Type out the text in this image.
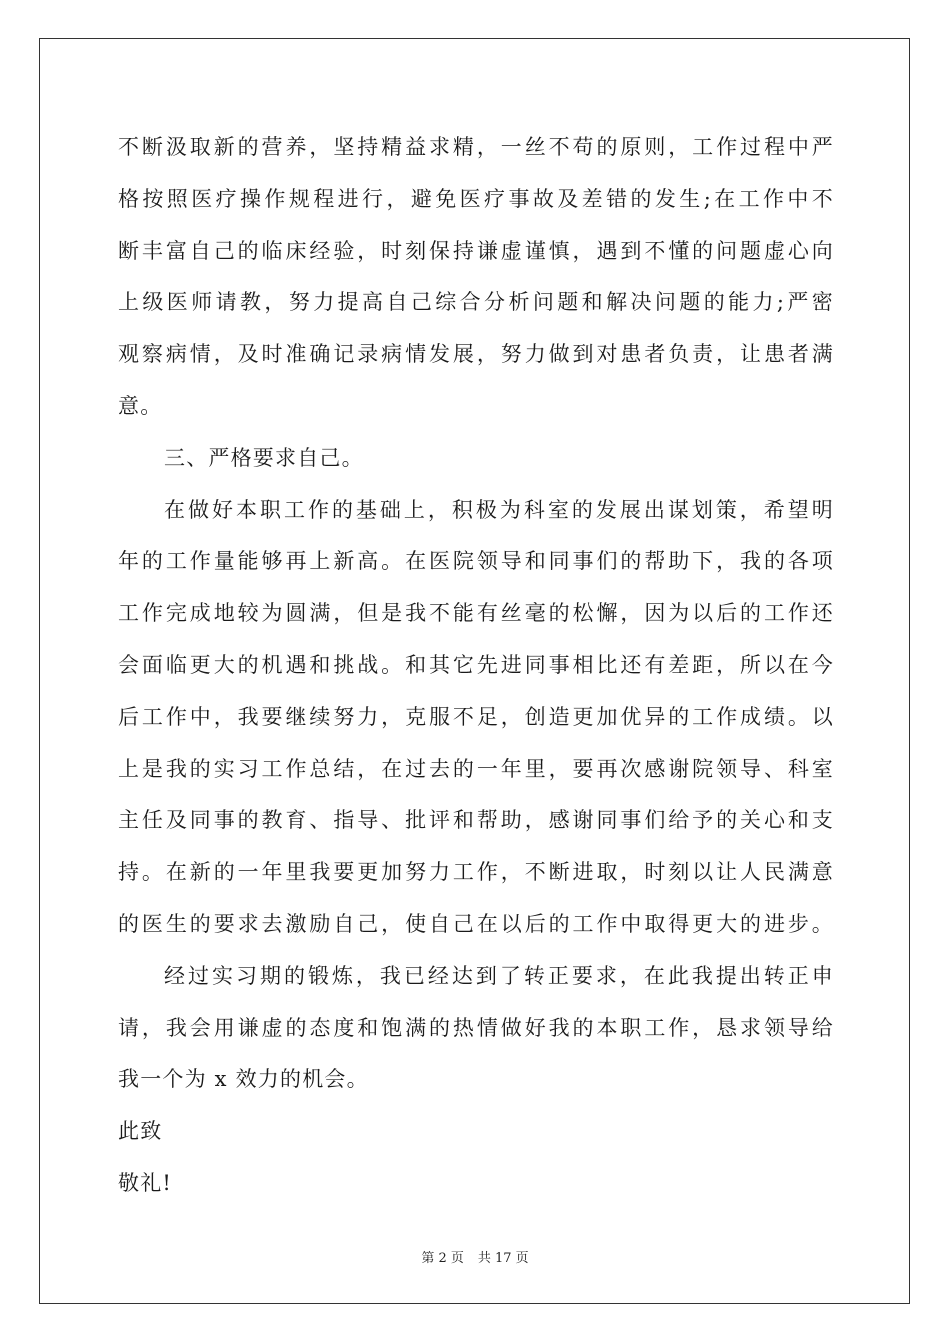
不断汲取新的营养，坚持精益求精，一丝不苟的原则，工作过程中严
格按照医疗操作规程进行，避免医疗事故及差错的发生;在工作中不
断丰富自己的临床经验，时刻保持谦虚谨慎，遇到不懂的问题虚心向
上级医师请教，努力提高自己综合分析问题和解决问题的能力;严密
观察病情，及时准确记录病情发展，努力做到对患者负责，让患者满
意。
三、严格要求自己。
在做好本职工作的基础上，积极为科室的发展出谋划策，希望明
年的工作量能够再上新高。在医院领导和同事们的帮助下，我的各项
工作完成地较为圆满，但是我不能有丝毫的松懈，因为以后的工作还
会面临更大的机遇和挑战。和其它先进同事相比还有差距，所以在今
后工作中，我要继续努力，克服不足，创造更加优异的工作成绩。以
上是我的实习工作总结，在过去的一年里，要再次感谢院领导、科室
主任及同事的教育、指导、批评和帮助，感谢同事们给予的关心和支
持。在新的一年里我要更加努力工作，不断进取，时刻以让人民满意
的医生的要求去激励自己，使自己在以后的工作中取得更大的进步。
经过实习期的锻炼，我已经达到了转正要求，在此我提出转正申
请，我会用谦虚的态度和饱满的热情做好我的本职工作，恳求领导给
我一个为 x 效力的机会。
此致
敬礼!
第 2 页 共 17 页
